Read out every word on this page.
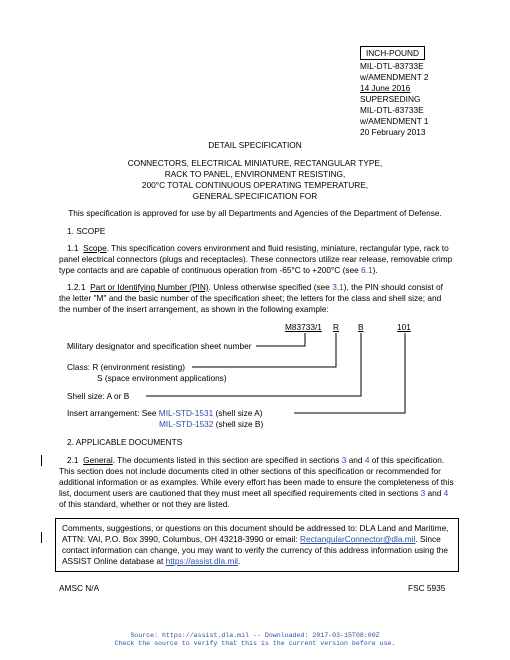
INCH-POUND
MIL-DTL-83733E
w/AMENDMENT 2
14 June 2016
SUPERSEDING
MIL-DTL-83733E
w/AMENDMENT 1
20 February 2013
DETAIL SPECIFICATION
CONNECTORS, ELECTRICAL MINIATURE, RECTANGULAR TYPE,
RACK TO PANEL, ENVIRONMENT RESISTING,
200°C TOTAL CONTINUOUS OPERATING TEMPERATURE,
GENERAL SPECIFICATION FOR
This specification is approved for use by all Departments and Agencies of the Department of Defense.
1. SCOPE
1.1 Scope. This specification covers environment and fluid resisting, miniature, rectangular type, rack to panel electrical connectors (plugs and receptacles). These connectors utilize rear release, removable crimp type contacts and are capable of continuous operation from -65°C to +200°C (see 6.1).
1.2.1 Part or Identifying Number (PIN). Unless otherwise specified (see 3.1), the PIN should consist of the letter "M" and the basic number of the specification sheet; the letters for the class and shell size; and the number of the insert arrangement, as shown in the following example:
M83733/1 R B	101
Military designator and specification sheet number
Class: R (environment resisting)
S (space environment applications)
Shell size: A or B
Insert arrangement: See MIL-STD-1531 (shell size A)
MIL-STD-1532 (shell size B)
2. APPLICABLE DOCUMENTS
2.1 General. The documents listed in this section are specified in sections 3 and 4 of this specification. This section does not include documents cited in other sections of this specification or recommended for additional information or as examples. While every effort has been made to ensure the completeness of this list, document users are cautioned that they must meet all specified requirements cited in sections 3 and 4 of this standard, whether or not they are listed.
Comments, suggestions, or questions on this document should be addressed to: DLA Land and Maritime, ATTN: VAI, P.O. Box 3990, Columbus, OH 43218-3990 or email: RectangularConnector@dla.mil. Since contact information can change, you may want to verify the currency of this address information using the ASSIST Online database at https://assist.dla.mil.
AMSC N/A	FSC 5935
Source: https://assist.dla.mil -- Downloaded: 2017-03-15T08:00Z
Check the source to verify that this is the current version before use.
